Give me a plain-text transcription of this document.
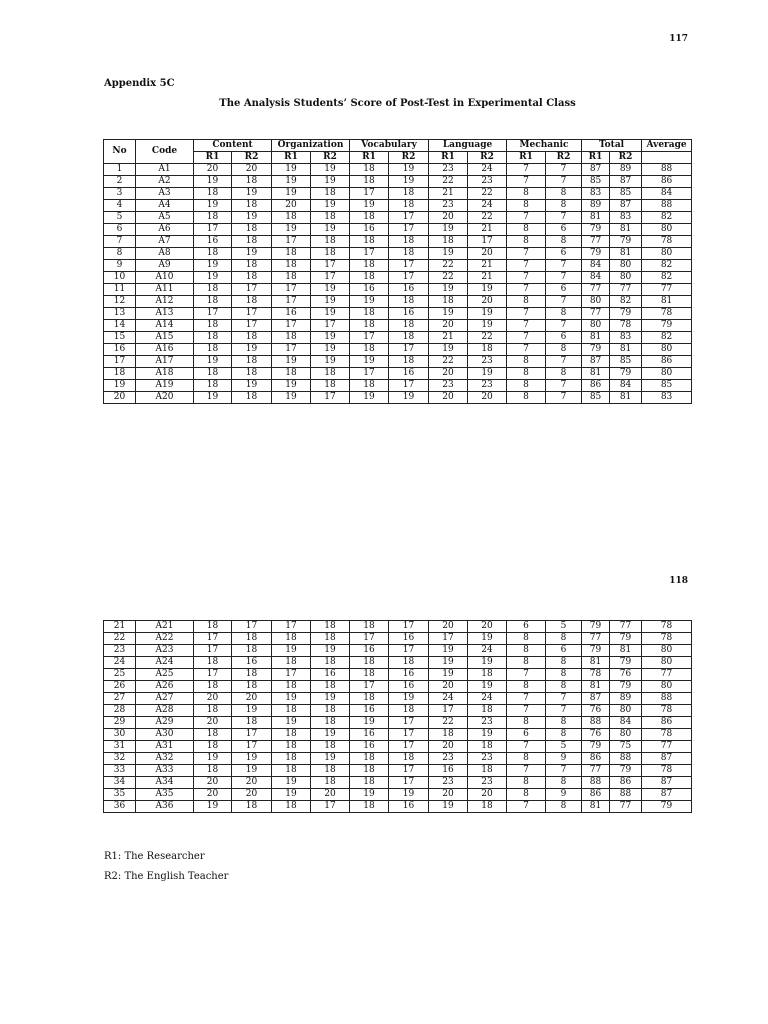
117
Appendix 5C
The Analysis Students’ Score of Post-Test in Experimental Class
No	Code	Content		Organization		Vocabulary		Language		Mechanic		Total		Average
		R1	R2	R1	R2	R1	R2	R1	R2	R1	R2	R1	R2	
1	A1	20	20	19	19	18	19	23	24	7	7	87	89	88
2	A2	19	18	19	19	18	19	22	23	7	7	85	87	86
3	A3	18	19	19	18	17	18	21	22	8	8	83	85	84
4	A4	19	18	20	19	19	18	23	24	8	8	89	87	88
5	A5	18	19	18	18	18	17	20	22	7	7	81	83	82
6	A6	17	18	19	19	16	17	19	21	8	6	79	81	80
7	A7	16	18	17	18	18	18	18	17	8	8	77	79	78
8	A8	18	19	18	18	17	18	19	20	7	6	79	81	80
9	A9	19	18	18	17	18	17	22	21	7	7	84	80	82
10	A10	19	18	18	17	18	17	22	21	7	7	84	80	82
11	A11	18	17	17	19	16	16	19	19	7	6	77	77	77
12	A12	18	18	17	19	19	18	18	20	8	7	80	82	81
13	A13	17	17	16	19	18	16	19	19	7	8	77	79	78
14	A14	18	17	17	17	18	18	20	19	7	7	80	78	79
15	A15	18	18	18	19	17	18	21	22	7	6	81	83	82
16	A16	18	19	17	19	18	17	19	18	7	8	79	81	80
17	A17	19	18	19	19	19	18	22	23	8	7	87	85	86
18	A18	18	18	18	18	17	16	20	19	8	8	81	79	80
19	A19	18	19	19	18	18	17	23	23	8	7	86	84	85
20	A20	19	18	19	17	19	19	20	20	8	7	85	81	83
118
21	A21	18	17	17	18	18	17	20	20	6	5	79	77	78
22	A22	17	18	18	18	17	16	17	19	8	8	77	79	78
23	A23	17	18	19	19	16	17	19	24	8	6	79	81	80
24	A24	18	16	18	18	18	18	19	19	8	8	81	79	80
25	A25	17	18	17	16	18	16	19	18	7	8	78	76	77
26	A26	18	18	18	18	17	16	20	19	8	8	81	79	80
27	A27	20	20	19	19	18	19	24	24	7	7	87	89	88
28	A28	18	19	18	18	16	18	17	18	7	7	76	80	78
29	A29	20	18	19	18	19	17	22	23	8	8	88	84	86
30	A30	18	17	18	19	16	17	18	19	6	8	76	80	78
31	A31	18	17	18	18	16	17	20	18	7	5	79	75	77
32	A32	19	19	18	19	18	18	23	23	8	9	86	88	87
33	A33	18	19	18	18	18	17	16	18	7	7	77	79	78
34	A34	20	20	19	18	18	17	23	23	8	8	88	86	87
35	A35	20	20	19	20	19	19	20	20	8	9	86	88	87
36	A36	19	18	18	17	18	16	19	18	7	8	81	77	79
R1: The Researcher
R2: The English Teacher
